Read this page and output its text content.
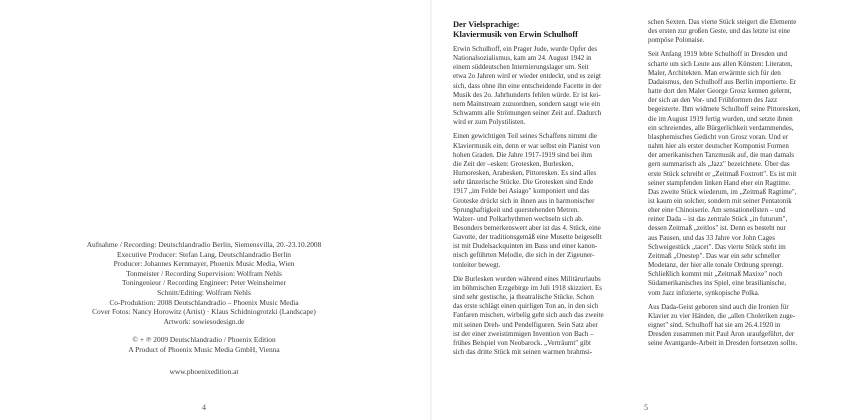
Aufnahme / Recording: Deutschlandradio Berlin, Siemensvilla, 20.-23.10.2008
Executive Producer: Stefan Lang, Deutschlandradio Berlin
Producer: Johannes Kernmayer, Phoenix Music Media, Wien
Tonmeister / Recording Supervision: Wolfram Nehls
Toningenieur / Recording Engineer: Peter Weinsheimer
Schnitt/Editing: Wolfram Nehls
Co-Produktion: 2008 Deutschlandradio – Phoenix Music Media
Cover Fotos: Nancy Horowitz (Artist) · Klaus Schidniogrotzki (Landscape)
Artwork: sowiesodesign.de
© + ℗ 2009 Deutschlandradio / Phoenix Edition
A Product of Phoenix Music Media GmbH, Vienna
www.phoenixedition.at
4
Der Vielsprachige:
Klaviermusik von Erwin Schulhoff
Erwin Schulhoff, ein Prager Jude, wurde Opfer des
Nationalsozialismus, kam am 24. August 1942 in
einem süddeutschen Internierungslager um. Seit
etwa 2o Jahren wird er wieder entdeckt, und es zeigt
sich, dass ohne ihn eine entscheidende Facette in der
Musik des 2o. Jahrhunderts fehlen würde. Er ist kei-
nem Mainstream zuzuordnen, sondern saugt wie ein
Schwamm alle Strömungen seiner Zeit auf. Dadurch
wird er zum Polystilisten.
Einen gewichtigen Teil seines Schaffens nimmt die
Klaviermusik ein, denn er war selbst ein Pianist von
hohen Graden. Die Jahre 1917-1919 sind bei ihm
die Zeit der –esken: Grotesken, Burlesken,
Humoresken, Arabesken, Pittoresken. Es sind alles
sehr tänzerische Stücke. Die Grotesken sind Ende
1917 „im Felde bei Asiago" komponiert und das
Groteske drückt sich in ihnen aus in harmonischer
Sprunghaftigkeit und querstehenden Metren.
Walzer- und Polkarhythmen wechseln sich ab.
Besonders bemerkenswert aber ist das 4. Stück, eine
Gavotte, der traditionsgemäß eine Musette beigesellt
ist mit Dudelsackquinten im Bass und einer kanon-
nisch geführten Melodie, die sich in der Zigeuner-
tonleiter bewegt.
Die Burlesken wurden während eines Militärurlaubs
im böhmischen Erzgebirge im Juli 1918 skizziert. Es
sind sehr gestische, ja theatralische Stücke. Schon
das erste schlägt einen quirligen Ton an, in den sich
Fanfaren mischen, wirbelig geht sich auch das zweite
mit seinen Dreh- und Pendelfiguren. Sein Satz aber
ist der einer zweistimmigen Invention von Bach –
frühes Beispiel von Neobarock. „Verträumt" gibt
sich das dritte Stück mit seinen warmen brahmsi-
schen Sexten. Das vierte Stück steigert die Elemente
des ersten zur großen Geste, und das letzte ist eine
pompöse Polonaise.
Seit Anfang 1919 lebte Schulhoff in Dresden und
scharte um sich Leute aus allen Künsten: Literaten,
Maler, Architekten. Man erwärmte sich für den
Dadaismus, den Schulhoff aus Berlin importierte. Er
hatte dort den Maler George Grosz kennen gelernt,
der sich an den Vor- und Frühformen des Jazz
begeisterte. Ihm widmete Schulhoff seine Pittoresken,
die im August 1919 fertig wurden, und setzte ihnen
ein schreiendes, alle Bürgerlichkeit verdammendes,
blasphemisches Gedicht von Grosz voran. Und er
nahm hier als erster deutscher Komponist Formen
der amerikanischen Tanzmusik auf, die man damals
gern summarisch als „Jazz" bezeichnete. Über das
erste Stück schreibt er „Zeitmaß Foxtrott". Es ist mit
seiner stampfenden linken Hand eher ein Ragtime.
Das zweite Stück wiederum, im „Zeitmaß Ragtime",
ist kaum ein solcher, sondern mit seiner Pentatonik
eher eine Chinoiserie. Am sensationellsten – und
reiner Dada – ist das zentrale Stück „in futurum",
dessen Zeitmaß „zeitlos" ist. Denn es besteht nur
aus Pausen, und das 33 Jahre vor John Cages
Schweigestück „tacet". Das vierte Stück steht im
Zeitmaß „Onestep". Das war ein sehr schneller
Modetanz, der hier alle tonale Ordnung sprengt.
Schließlich kommt mit „Zeitmaß Maxixe" noch
Südamerikanisches ins Spiel, eine brasilianische,
vom Jazz infizierte, synkopische Polka.
Aus Dada-Geist geboren sind auch die Ironien für
Klavier zu vier Händen, die „allen Choleriken zuge-
eignet" sind. Schulhoff hat sie am 26.4.1920 in
Dresden zusammen mit Paul Aron uraufgeführt, der
seine Avantgarde-Arbeit in Dresden fortsetzen sollte.
5
